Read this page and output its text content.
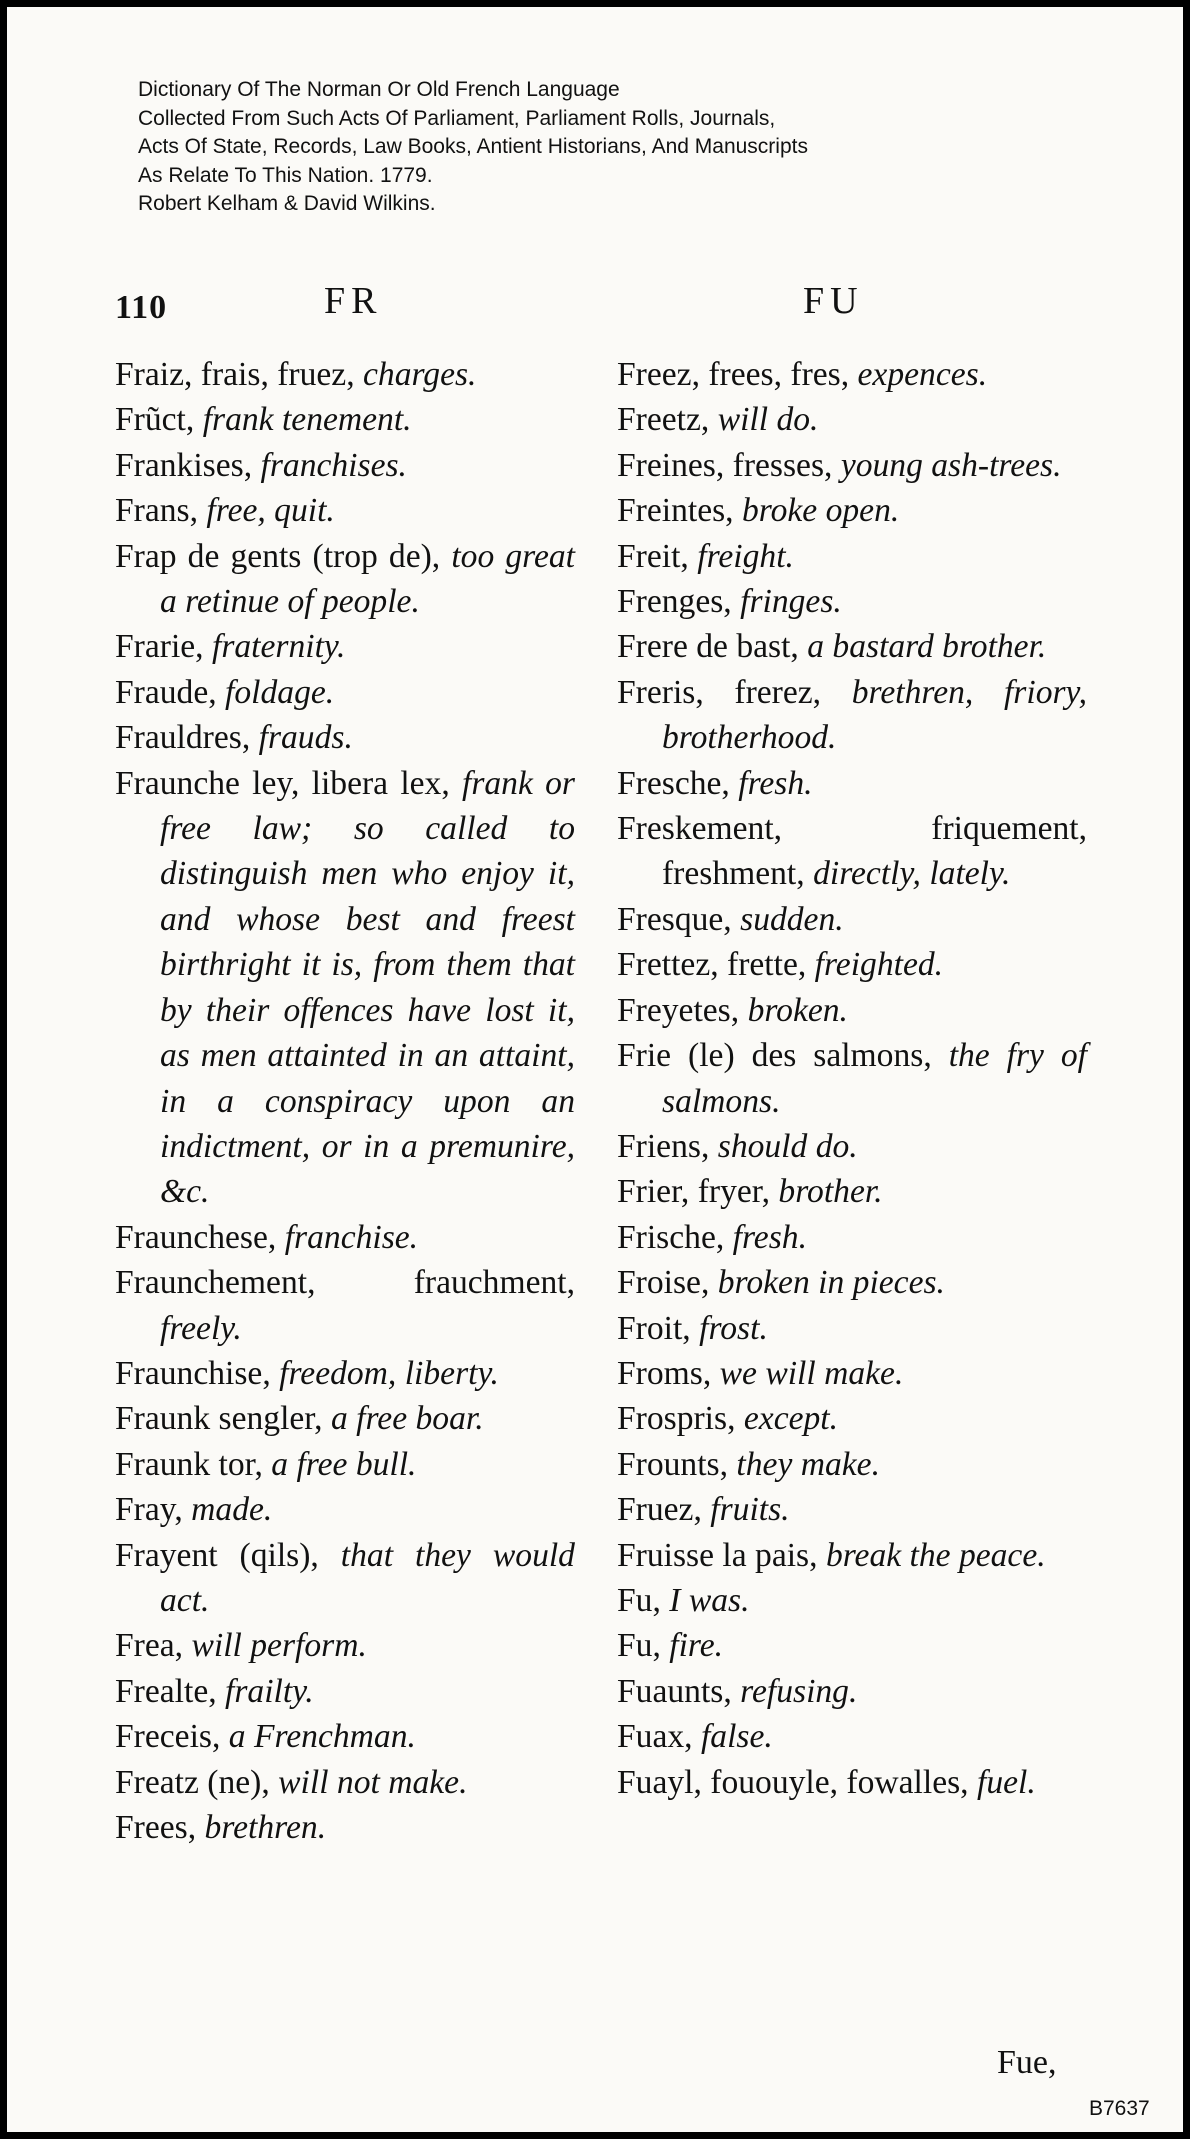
Dictionary Of The Norman Or Old French Language
Collected From Such Acts Of Parliament, Parliament Rolls, Journals,
Acts Of State, Records, Law Books, Antient Historians, And Manuscripts
As Relate To This Nation. 1779.
Robert Kelham & David Wilkins.
110	FR	FU
Fraiz, frais, fruez, charges.
Frũct, frank tenement.
Frankises, franchises.
Frans, free, quit.
Frap de gents (trop de), too great a retinue of people.
Frarie, fraternity.
Fraude, foldage.
Frauldres, frauds.
Fraunche ley, libera lex, frank or free law; so called to distinguish men who enjoy it, and whose best and freest birthright it is, from them that by their offences have lost it, as men attainted in an attaint, in a conspiracy upon an indictment, or in a premunire, &c.
Fraunchese, franchise.
Fraunchement, frauchment, freely.
Fraunchise, freedom, liberty.
Fraunk sengler, a free boar.
Fraunk tor, a free bull.
Fray, made.
Frayent (qils), that they would act.
Frea, will perform.
Frealte, frailty.
Freceis, a Frenchman.
Freatz (ne), will not make.
Frees, brethren.
Freez, frees, fres, expences.
Freetz, will do.
Freines, fresses, young ash-trees.
Freintes, broke open.
Freit, freight.
Frenges, fringes.
Frere de bast, a bastard brother.
Freris, frerez, brethren, friory, brotherhood.
Fresche, fresh.
Freskement, friquement, freshment, directly, lately.
Fresque, sudden.
Frettez, frette, freighted.
Freyetes, broken.
Frie (le) des salmons, the fry of salmons.
Friens, should do.
Frier, fryer, brother.
Frische, fresh.
Froise, broken in pieces.
Froit, frost.
Froms, we will make.
Frospris, except.
Frounts, they make.
Fruez, fruits.
Fruisse la pais, break the peace.
Fu, I was.
Fu, fire.
Fuaunts, refusing.
Fuax, false.
Fuayl, fououyle, fowalles, fuel.
Fue,
B7637
